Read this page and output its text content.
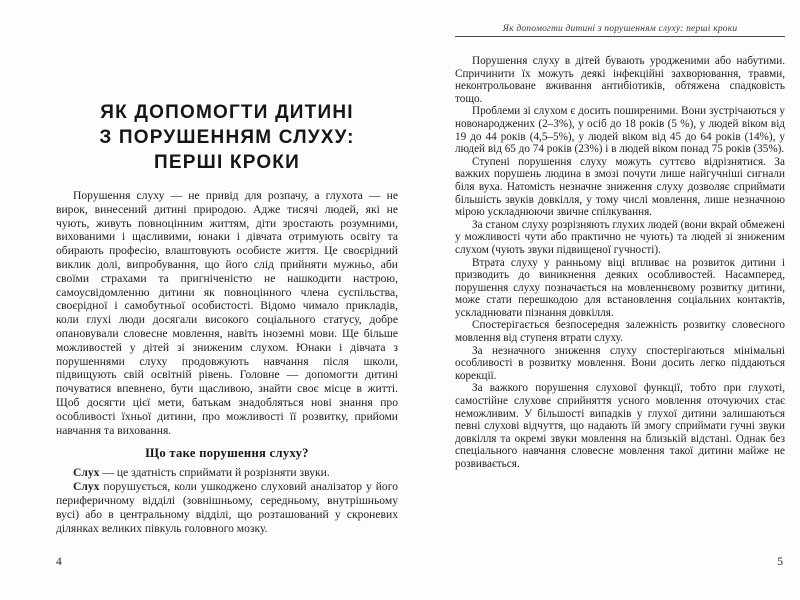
ЯК ДОПОМОГТИ ДИТИНІ
З ПОРУШЕННЯМ СЛУХУ:
ПЕРШІ КРОКИ

Порушення слуху — не привід для розпачу, а глухота — не вирок, винесений дитині природою. Адже тисячі людей, які не чують, живуть повноцінним життям, діти зростають розумними, вихованими і щасливими, юнаки і дівчата отримують освіту та обирають професію, влаштовують особисте життя. Це своєрідний виклик долі, випробування, що його слід прийняти мужньо, аби своїми страхами та пригніченістю не нашкодити настрою, самоусвідомленню дитини як повноцінного члена суспільства, своєрідної і самобутньої особистості. Відомо чимало прикладів, коли глухі люди досягали високого соціального статусу, добре опановували словесне мовлення, навіть іноземні мови. Ще більше можливостей у дітей зі зниженим слухом. Юнаки і дівчата з порушеннями слуху продовжують навчання після школи, підвищують свій освітній рівень. Головне — допомогти дитині почуватися впевнено, бути щасливою, знайти своє місце в житті. Щоб досягти цієї мети, батькам знадобляться нові знання про особливості їхньої дитини, про можливості її розвитку, прийоми навчання та виховання.

Що таке порушення слуху?

Слух — це здатність сприймати й розрізняти звуки.

Слух порушується, коли ушкоджено слуховий аналізатор у його периферичному відділі (зовнішньому, середньому, внутрішньому вусі) або в центральному відділі, що розташований у скроневих ділянках великих півкуль головного мозку.

4
Як допомогти дитині з порушенням слуху: перші кроки

Порушення слуху в дітей бувають уродженими або набутими. Спричинити їх можуть деякі інфекційні захворювання, травми, неконтрольоване вживання антибіотиків, обтяжена спадковість тощо.

Проблеми зі слухом є досить поширеними. Вони зустрічаються у новонароджених (2–3%), у осіб до 18 років (5 %), у людей віком від 19 до 44 років (4,5–5%), у людей віком від 45 до 64 років (14%), у людей від 65 до 74 років (23%) і в людей віком понад 75 років (35%).

Ступені порушення слуху можуть суттєво відрізнятися. За важких порушень людина в змозі почути лише найгучніші сигнали біля вуха. Натомість незначне зниження слуху дозволяє сприймати більшість звуків довкілля, у тому числі мовлення, лише незначною мірою ускладнюючи звичне спілкування.

За станом слуху розрізняють глухих людей (вони вкрай обмежені у можливості чути або практично не чують) та людей зі зниженим слухом (чують звуки підвищеної гучності).

Втрата слуху у ранньому віці впливає на розвиток дитини і призводить до виникнення деяких особливостей. Насамперед, порушення слуху позначається на мовленнєвому розвитку дитини, може стати перешкодою для встановлення соціальних контактів, ускладнювати пізнання довкілля.

Спостерігається безпосередня залежність розвитку словесного мовлення від ступеня втрати слуху.

За незначного зниження слуху спостерігаються мінімальні особливості в розвитку мовлення. Вони досить легко піддаються корекції.

За важкого порушення слухової функції, тобто при глухоті, самостійне слухове сприйняття усного мовлення оточуючих стає неможливим. У більшості випадків у глухої дитини залишаються певні слухові відчуття, що надають їй змогу сприймати гучні звуки довкілля та окремі звуки мовлення на близькій відстані. Однак без спеціального навчання словесне мовлення такої дитини майже не розвивається.

5
